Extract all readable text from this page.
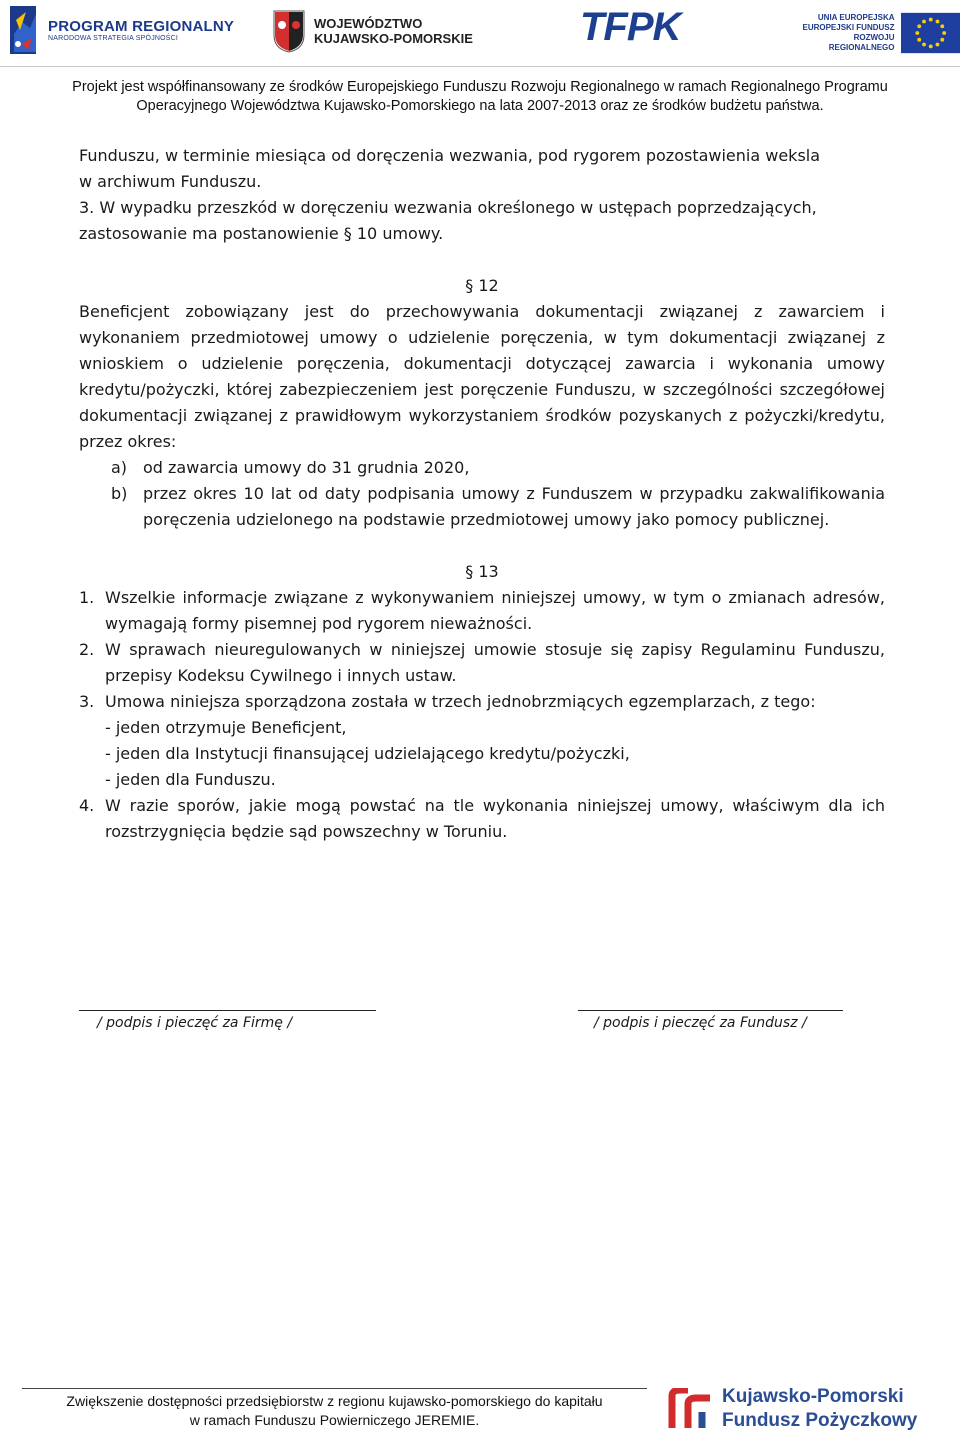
PROGRAM REGIONALNY
NARODOWA STRATEGIA SPÓJNOŚCI
WOJEWÓDZTWO
KUJAWSKO-POMORSKIE	TFPK	UNIA EUROPEJSKA
EUROPEJSKI FUNDUSZ
ROZWOJU REGIONALNEGO
Projekt jest współfinansowany ze środków Europejskiego Funduszu Rozwoju Regionalnego w ramach Regionalnego Programu
Operacyjnego Województwa Kujawsko-Pomorskiego na lata 2007-2013 oraz ze środków budżetu państwa.
Funduszu, w terminie miesiąca od doręczenia wezwania, pod rygorem pozostawienia weksla
w archiwum Funduszu.
3. W wypadku przeszkód w doręczeniu wezwania określonego w ustępach poprzedzających,
zastosowanie ma postanowienie § 10 umowy.
§ 12
Beneficjent zobowiązany jest do przechowywania dokumentacji związanej z zawarciem i wykonaniem przedmiotowej umowy o udzielenie poręczenia, w tym dokumentacji związanej z wnioskiem o udzielenie poręczenia, dokumentacji dotyczącej zawarcia i wykonania umowy kredytu/pożyczki, której zabezpieczeniem jest poręczenie Funduszu, w szczególności szczegółowej dokumentacji związanej z prawidłowym wykorzystaniem środków pozyskanych z pożyczki/kredytu, przez okres:
a) od zawarcia umowy do 31 grudnia 2020,
b) przez okres 10 lat od daty podpisania umowy z Funduszem w przypadku zakwalifikowania poręczenia udzielonego na podstawie przedmiotowej umowy jako pomocy publicznej.
§ 13
1. Wszelkie informacje związane z wykonywaniem niniejszej umowy, w tym o zmianach adresów, wymagają formy pisemnej pod rygorem nieważności.
2. W sprawach nieuregulowanych w niniejszej umowie stosuje się zapisy Regulaminu Funduszu, przepisy Kodeksu Cywilnego i innych ustaw.
3. Umowa niniejsza sporządzona została w trzech jednobrzmiących egzemplarzach, z tego:
- jeden otrzymuje Beneficjent,
- jeden dla Instytucji finansującej udzielającego kredytu/pożyczki,
- jeden dla Funduszu.
4. W razie sporów, jakie mogą powstać na tle wykonania niniejszej umowy, właściwym dla ich rozstrzygnięcia będzie sąd powszechny w Toruniu.
/ podpis i pieczęć za Firmę /	/ podpis i pieczęć za Fundusz /
Zwiększenie dostępności przedsiębiorstw z regionu kujawsko-pomorskiego do kapitału
w ramach Funduszu Powierniczego JEREMIE.
Kujawsko-Pomorski
Fundusz Pożyczkowy
